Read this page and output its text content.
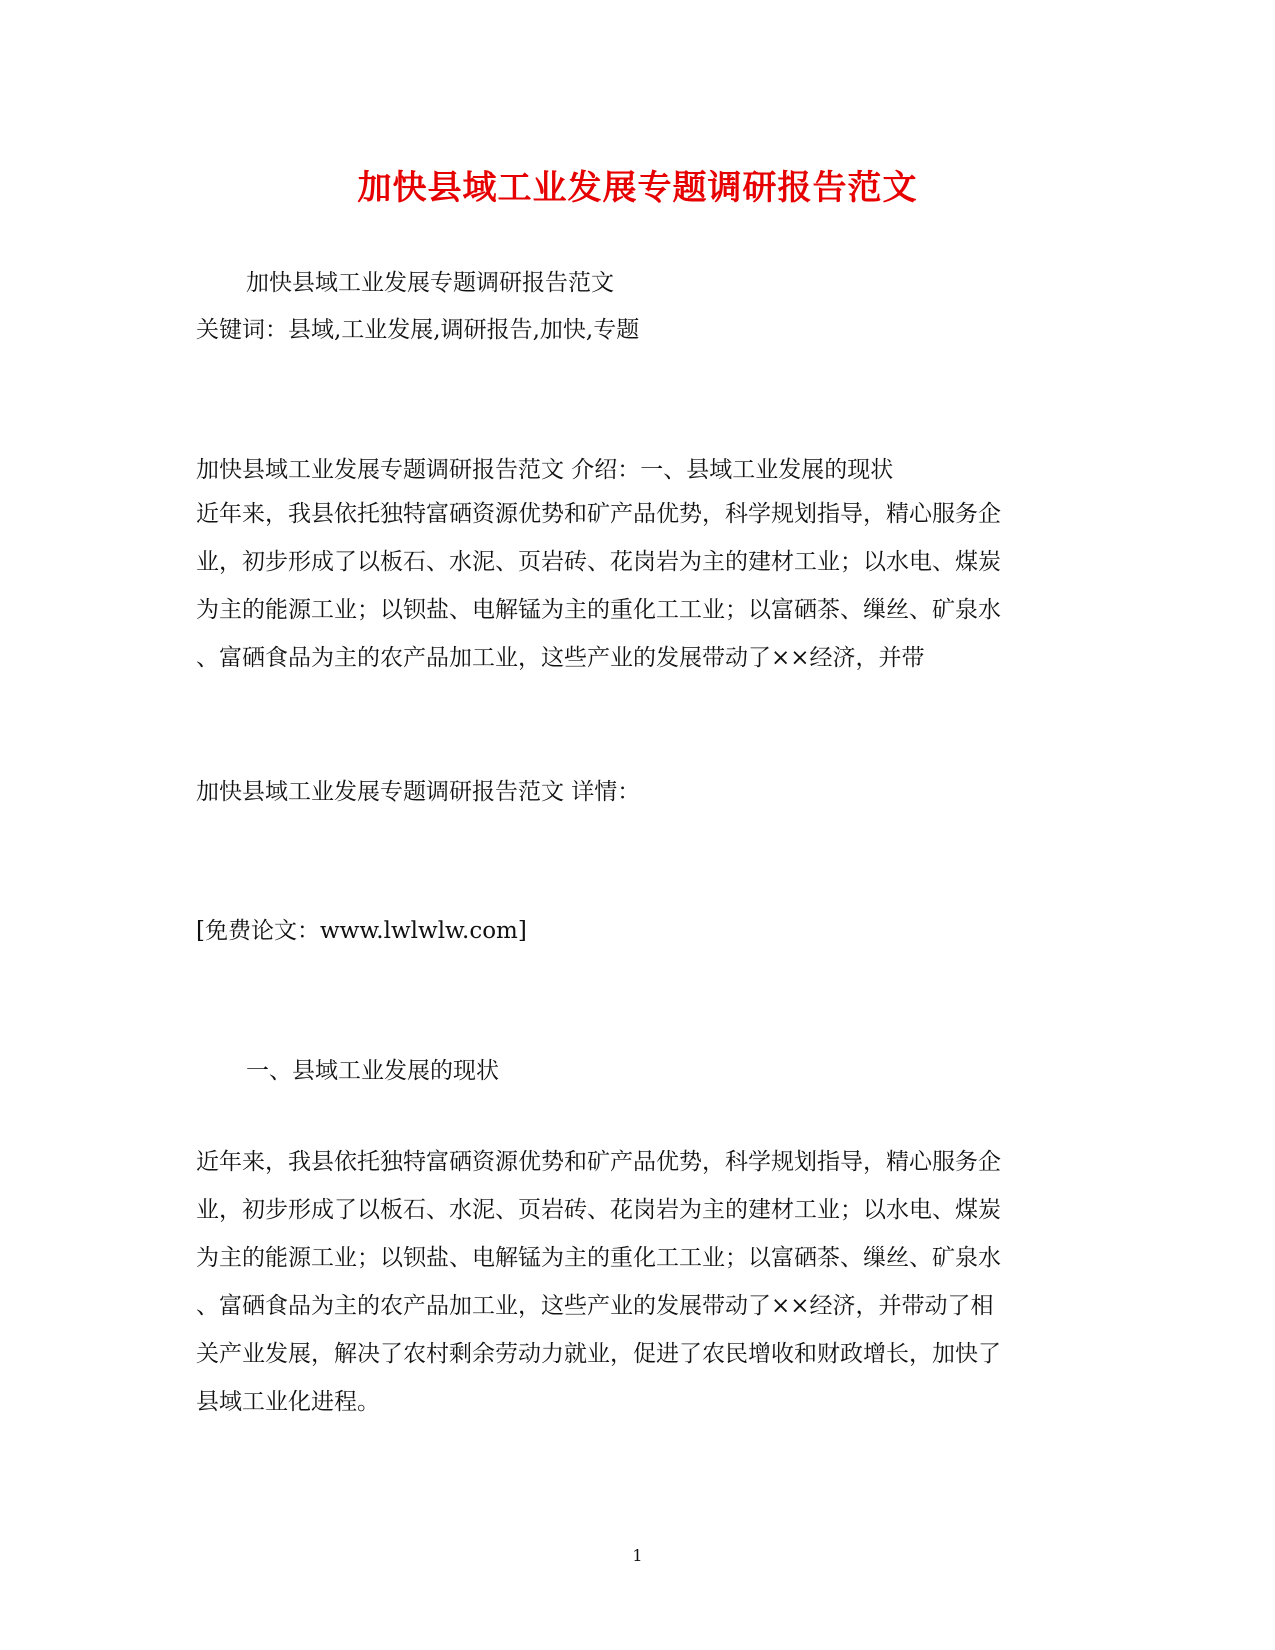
加快县域工业发展专题调研报告范文
加快县域工业发展专题调研报告范文
关键词：县域,工业发展,调研报告,加快,专题
加快县域工业发展专题调研报告范文 介绍：一、县域工业发展的现状
近年来，我县依托独特富硒资源优势和矿产品优势，科学规划指导，精心服务企
业，初步形成了以板石、水泥、页岩砖、花岗岩为主的建材工业；以水电、煤炭
为主的能源工业；以钡盐、电解锰为主的重化工工业；以富硒茶、缫丝、矿泉水
、富硒食品为主的农产品加工业，这些产业的发展带动了××经济，并带
加快县域工业发展专题调研报告范文 详情：
[免费论文：www.lwlwlw.com]
一、县域工业发展的现状
近年来，我县依托独特富硒资源优势和矿产品优势，科学规划指导，精心服务企
业，初步形成了以板石、水泥、页岩砖、花岗岩为主的建材工业；以水电、煤炭
为主的能源工业；以钡盐、电解锰为主的重化工工业；以富硒茶、缫丝、矿泉水
、富硒食品为主的农产品加工业，这些产业的发展带动了××经济，并带动了相
关产业发展，解决了农村剩余劳动力就业，促进了农民增收和财政增长，加快了
县域工业化进程。
1
